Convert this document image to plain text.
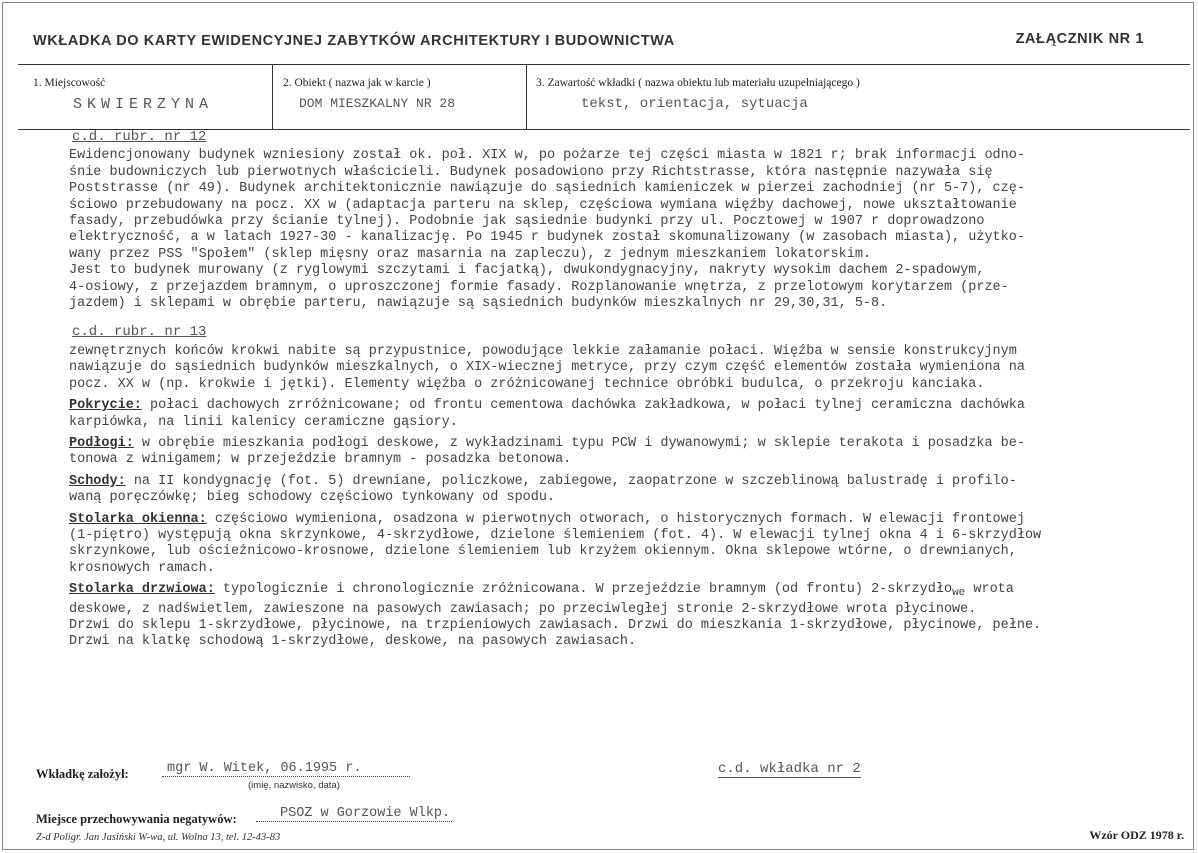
WKŁADKA DO KARTY EWIDENCYJNEJ ZABYTKÓW ARCHITEKTURY I BUDOWNICTWA	ZAŁĄCZNIK NR 1
1. Miejscowość
SKWIERZYNA
2. Obiekt ( nazwa jak w karcie )
DOM MIESZKALNY NR 28
3. Zawartość wkładki ( nazwa obiektu lub materiału uzupełniającego )
tekst, orientacja, sytuacja
c.d. rubr. nr 12
Ewidencjonowany budynek wzniesiony został ok. poł. XIX w, po pożarze tej części miasta w 1821 r; brak informacji odno-
śnie budowniczych lub pierwotnych właścicieli. Budynek posadowiono przy Richtstrasse, która następnie nazywała się
Poststrasse (nr 49). Budynek architektonicznie nawiązuje do sąsiednich kamieniczek w pierzei zachodniej (nr 5-7), czę-
ściowo przebudowany na pocz. XX w (adaptacja parteru na sklep, częściowa wymiana więźby dachowej, nowe ukształtowanie
fasady, przebudówka przy ścianie tylnej). Podobnie jak sąsiednie budynki przy ul. Pocztowej w 1907 r doprowadzono
elektryczność, a w latach 1927-30 - kanalizację. Po 1945 r budynek został skomunalizowany (w zasobach miasta), użytko-
wany przez PSS "Społem" (sklep mięsny oraz masarnia na zapleczu), z jednym mieszkaniem lokatorskim.
Jest to budynek murowany (z ryglowymi szczytami i facjatką), dwukondygnacyjny, nakryty wysokim dachem 2-spadowym,
4-osiowy, z przejazdem bramnym, o uproszczonej formie fasady. Rozplanowanie wnętrza, z przelotowym korytarzem (prze-
jazdem) i sklepami w obrębie parteru, nawiązuje są sąsiednich budynków mieszkalnych nr 29,30,31, 5-8.
c.d. rubr. nr 13
zewnętrznych końców krokwi nabite są przypustnice, powodujące lekkie załamanie połaci. Więźba w sensie konstrukcyjnym
nawiązuje do sąsiednich budynków mieszkalnych, o XIX-wiecznej metryce, przy czym część elementów została wymieniona na
pocz. XX w (np. krokwie i jętki). Elementy więźba o zróżnicowanej technice obróbki budulca, o przekroju kanciaka.
Pokrycie: połaci dachowych zrróżnicowane; od frontu cementowa dachówka zakładkowa, w połaci tylnej ceramiczna dachówka
karpiówka, na linii kalenicy ceramiczne gąsiory.
Podłogi: w obrębie mieszkania podłogi deskowe, z wykładzinami typu PCW i dywanowymi; w sklepie terakota i posadzka be-
tonowa z winigamem; w przejeździe bramnym - posadzka betonowa.
Schody: na II kondygnację (fot. 5) drewniane, policzkowe, zabiegowe, zaopatrzone w szczeblinową balustradę i profilo-
waną poręczówkę; bieg schodowy częściowo tynkowany od spodu.
Stolarka okienna: częściowo wymieniona, osadzona w pierwotnych otworach, o historycznych formach. W elewacji frontowej
(1-piętro) występują okna skrzynkowe, 4-skrzydłowe, dzielone ślemieniem (fot. 4). W elewacji tylnej okna 4 i 6-skrzydłow
skrzynkowe, lub ościeżnicowo-krosnowe, dzielone ślemieniem lub krzyżem okiennym. Okna sklepowe wtórne, o drewnianych,
krosnowych ramach.
Stolarka drzwiowa: typologicznie i chronologicznie zróżnicowana. W przejeździe bramnym (od frontu) 2-skrzydło$_{we}$ wrota
deskowe, z nadświetlem, zawieszone na pasowych zawiasach; po przeciwległej stronie 2-skrzydłowe wrota płycinowe.
Drzwi do sklepu 1-skrzydłowe, płycinowe, na trzpieniowych zawiasach. Drzwi do mieszkania 1-skrzydłowe, płycinowe, pełne.
Drzwi na klatkę schodową 1-skrzydłowe, deskowe, na pasowych zawiasach.
Wkładkę założył:	mgr W. Witek, 06.1995 r.
(imię, nazwisko, data)
c.d. wkładka nr 2
Miejsce przechowywania negatywów:	PSOZ w Gorzowie Wlkp.
Z-d Poligr. Jan Jasiński W-wa, ul. Wolna 13, tel. 12-43-83	Wzór ODZ 1978 r.
